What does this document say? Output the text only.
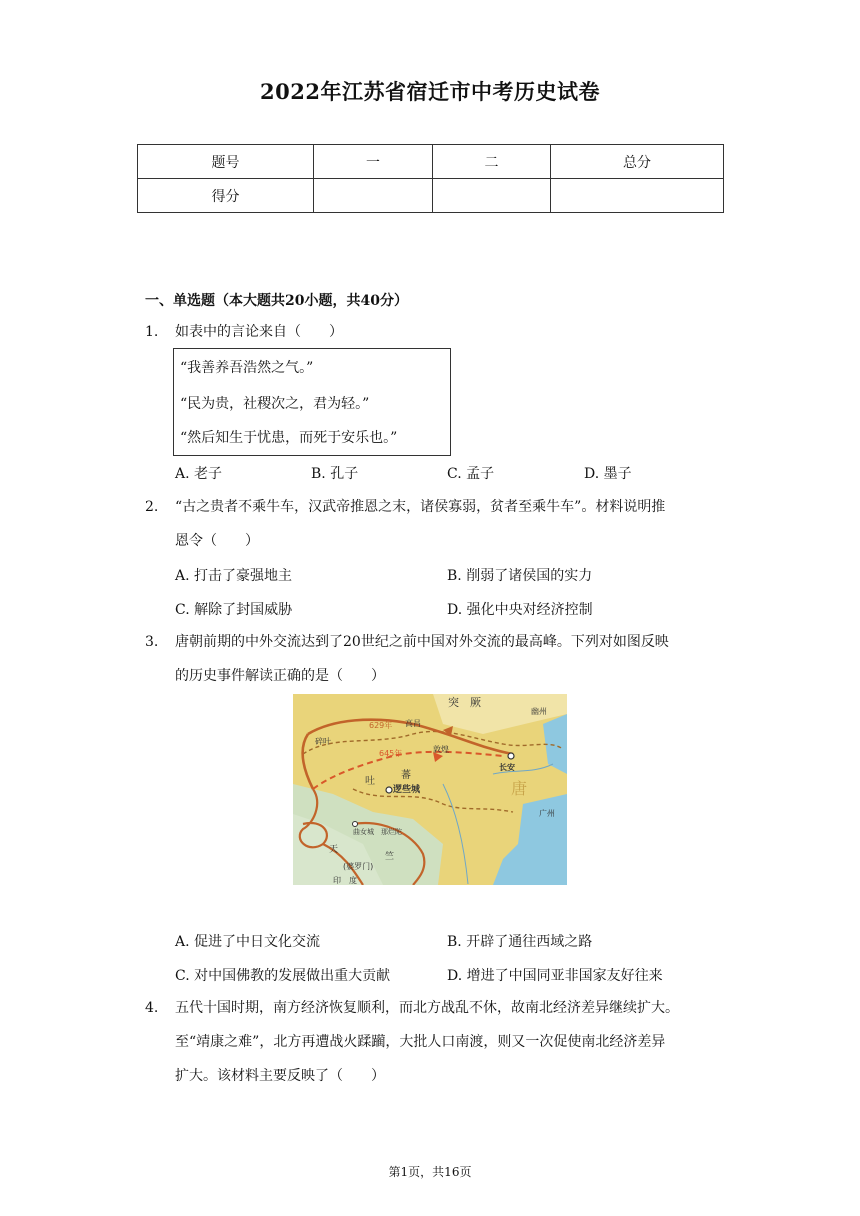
2022年江苏省宿迁市中考历史试卷
题号	一	二	总分
得分			
一、单选题（本大题共20小题，共40分）
1.	如表中的言论来自（　　）
“我善养吾浩然之气。”
“民为贵，社稷次之，君为轻。”
“然后知生于忧患，而死于安乐也。”
A. 老子	B. 孔子	C. 孟子	D. 墨子
2.	“古之贵者不乘牛车，汉武帝推恩之末，诸侯寡弱，贫者至乘牛车”。材料说明推
恩令（　　）
A. 打击了豪强地主	B. 削弱了诸侯国的实力
C. 解除了封国威胁	D. 强化中央对经济控制
3.	唐朝前期的中外交流达到了20世纪之前中国对外交流的最高峰。下列对如图反映
的历史事件解读正确的是（　　）
突　厥
幽州
高昌
629年
645年	敦煌
长安
碎叶
唐
吐
蕃
逻些城
广州
曲女城 那烂陀
天
竺
(婆罗门)
印　度
A. 促进了中日文化交流	B. 开辟了通往西域之路
C. 对中国佛教的发展做出重大贡献	D. 增进了中国同亚非国家友好往来
4.	五代十国时期，南方经济恢复顺利，而北方战乱不休，故南北经济差异继续扩大。
至“靖康之难”，北方再遭战火蹂躏，大批人口南渡，则又一次促使南北经济差异
扩大。该材料主要反映了（　　）
第1页，共16页
